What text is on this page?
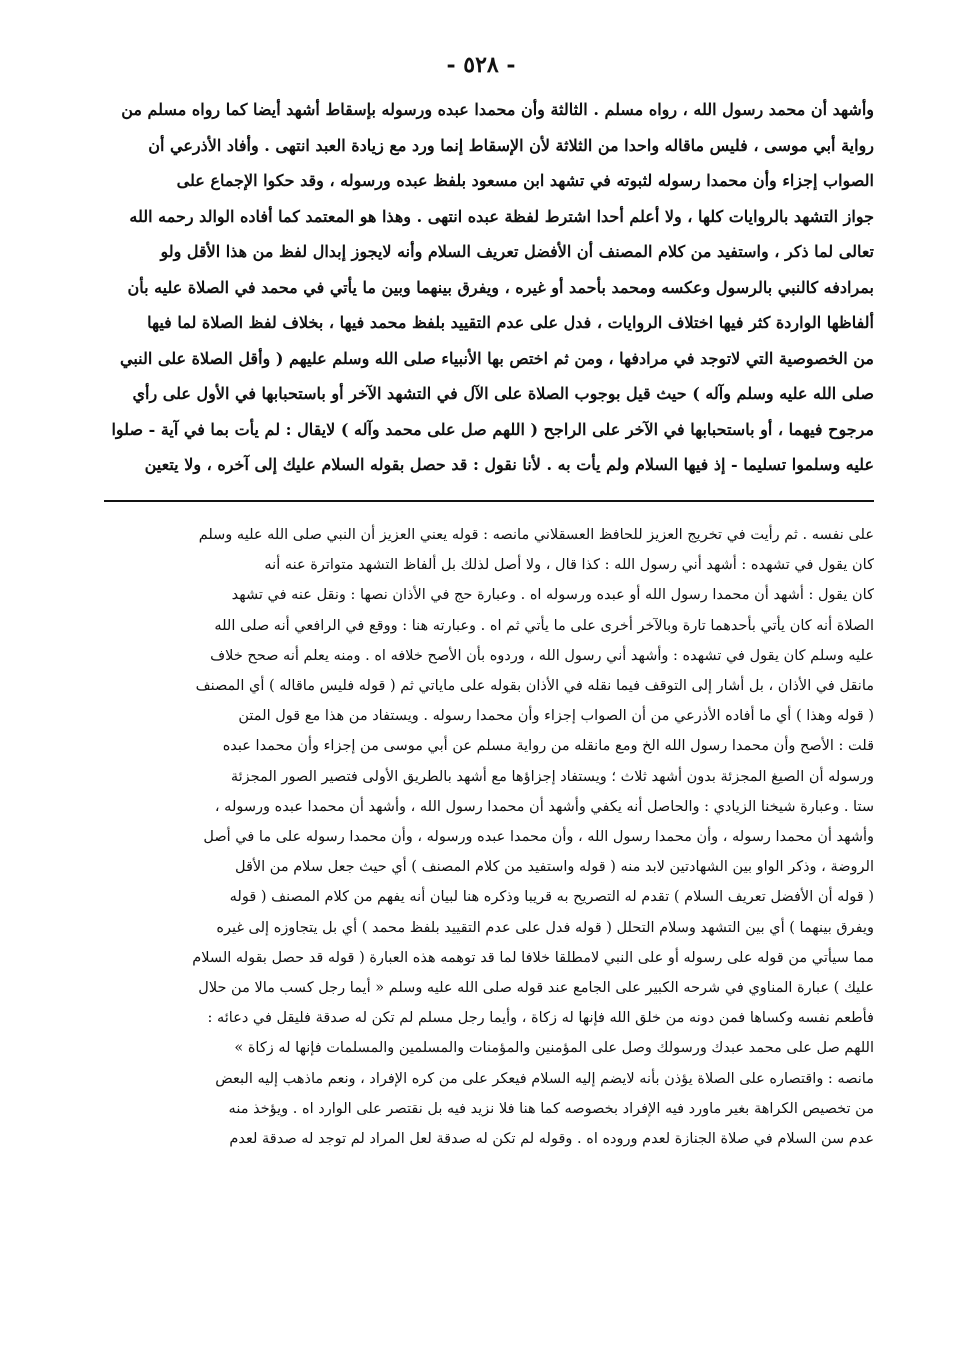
- ٥٢٨ -
وأشهد أن محمد رسول الله ، رواه مسلم . الثالثة وأن محمدا عبده ورسوله بإسقاط أشهد أيضا كما رواه مسلم من
رواية أبي موسى ، فليس ماقاله واحدا من الثلاثة لأن الإسقاط إنما ورد مع زيادة العبد انتهى . وأفاد الأذرعي أن
الصواب إجزاء وأن محمدا رسوله لثبوته في تشهد ابن مسعود بلفظ عبده ورسوله ، وقد حكوا الإجماع على
جواز التشهد بالروايات كلها ، ولا أعلم أحدا اشترط لفظة عبده انتهى . وهذا هو المعتمد كما أفاده الوالد رحمه الله
تعالى لما ذكر ، واستفيد من كلام المصنف أن الأفضل تعريف السلام وأنه لايجوز إبدال لفظ من هذا الأقل ولو
بمرادفه كالنبي بالرسول وعكسه ومحمد بأحمد أو غيره ، ويفرق بينهما وبين ما يأتي في محمد في الصلاة عليه بأن
ألفاظها الواردة كثر فيها اختلاف الروايات ، فدل على عدم التقييد بلفظ محمد فيها ، بخلاف لفظ الصلاة لما فيها
من الخصوصية التي لاتوجد في مرادفها ، ومن ثم اختص بها الأنبياء صلى الله وسلم عليهم ( وأقل الصلاة على النبي
صلى الله عليه وسلم وآله ) حيث قيل بوجوب الصلاة على الآل في التشهد الآخر أو باستحبابها في الأول على رأي
مرجوح فيهما ، أو باستحبابها في الآخر على الراجح ( اللهم صل على محمد وآله ) لايقال : لم يأت بما في آية - صلوا
عليه وسلموا تسليما - إذ فيها السلام ولم يأت به . لأنا نقول : قد حصل بقوله السلام عليك إلى آخره ، ولا يتعين
على نفسه . ثم رأيت في تخريج العزيز للحافظ العسقلاني مانصه : قوله يعني العزيز أن النبي صلى الله عليه وسلم
كان يقول في تشهده : أشهد أني رسول الله : كذا قال ، ولا أصل لذلك بل ألفاظ التشهد متواترة عنه أنه
كان يقول : أشهد أن محمدا رسول الله أو عبده ورسوله اه . وعبارة حج في الأذان نصها : ونقل عنه في تشهد
الصلاة أنه كان يأتي بأحدهما تارة وبالآخر أخرى على ما يأتي ثم اه . وعبارته هنا : ووقع في الرافعي أنه صلى الله
عليه وسلم كان يقول في تشهده : وأشهد أني رسول الله ، وردوه بأن الأصح خلافه اه . ومنه يعلم أنه صحح خلاف
مانقل في الأذان ، بل أشار إلى التوقف فيما نقله في الأذان بقوله على ماياتي ثم ( قوله فليس ماقاله ) أي المصنف
( قوله وهذا ) أي ما أفاده الأذرعي من أن الصواب إجزاء وأن محمدا رسوله . ويستفاد من هذا مع قول المتن
قلت : الأصح وأن محمدا رسول الله الخ ومع مانقله من رواية مسلم عن أبي موسى من إجزاء وأن محمدا عبده
ورسوله أن الصيغ المجزئة بدون أشهد ثلاث ؛ ويستفاد إجزاؤها مع أشهد بالطريق الأولى فتصير الصور المجزئة
ستا . وعبارة شيخنا الزيادي : والحاصل أنه يكفي وأشهد أن محمدا رسول الله ، وأشهد أن محمدا عبده ورسوله ،
وأشهد أن محمدا رسوله ، وأن محمدا رسول الله ، وأن محمدا عبده ورسوله ، وأن محمدا رسوله على ما في أصل
الروضة ، وذكر الواو بين الشهادتين لابد منه ( قوله واستفيد من كلام المصنف ) أي حيث جعل سلام من الأقل
( قوله أن الأفضل تعريف السلام ) تقدم له التصريح به قريبا وذكره هنا لبيان أنه يفهم من كلام المصنف ( قوله
ويفرق بينهما ) أي بين التشهد وسلام التحلل ( قوله فدل على عدم التقييد بلفظ محمد ) أي بل يتجاوزه إلى غيره
مما سيأتي من قوله على رسوله أو على النبي لامطلقا خلافا لما قد توهمه هذه العبارة ( قوله قد حصل بقوله السلام
عليك ) عبارة المناوي في شرحه الكبير على الجامع عند قوله صلى الله عليه وسلم « أيما رجل كسب مالا من حلال
فأطعم نفسه وكساها فمن دونه من خلق الله فإنها له زكاة ، وأيما رجل مسلم لم تكن له صدقة فليقل في دعائه :
اللهم صل على محمد عبدك ورسولك وصل على المؤمنين والمؤمنات والمسلمين والمسلمات فإنها له زكاة »
مانصه : واقتصاره على الصلاة يؤذن بأنه لايضم إليه السلام فيعكر على من كره الإفراد ، ونعم ماذهب إليه البعض
من تخصيص الكراهة بغير ماورد فيه الإفراد بخصوصه كما هنا فلا نزيد فيه بل نقتصر على الوارد اه . ويؤخذ منه
عدم سن السلام في صلاة الجنازة لعدم وروده اه . وقوله لم تكن له صدقة لعل المراد لم توجد له صدقة لعدم
